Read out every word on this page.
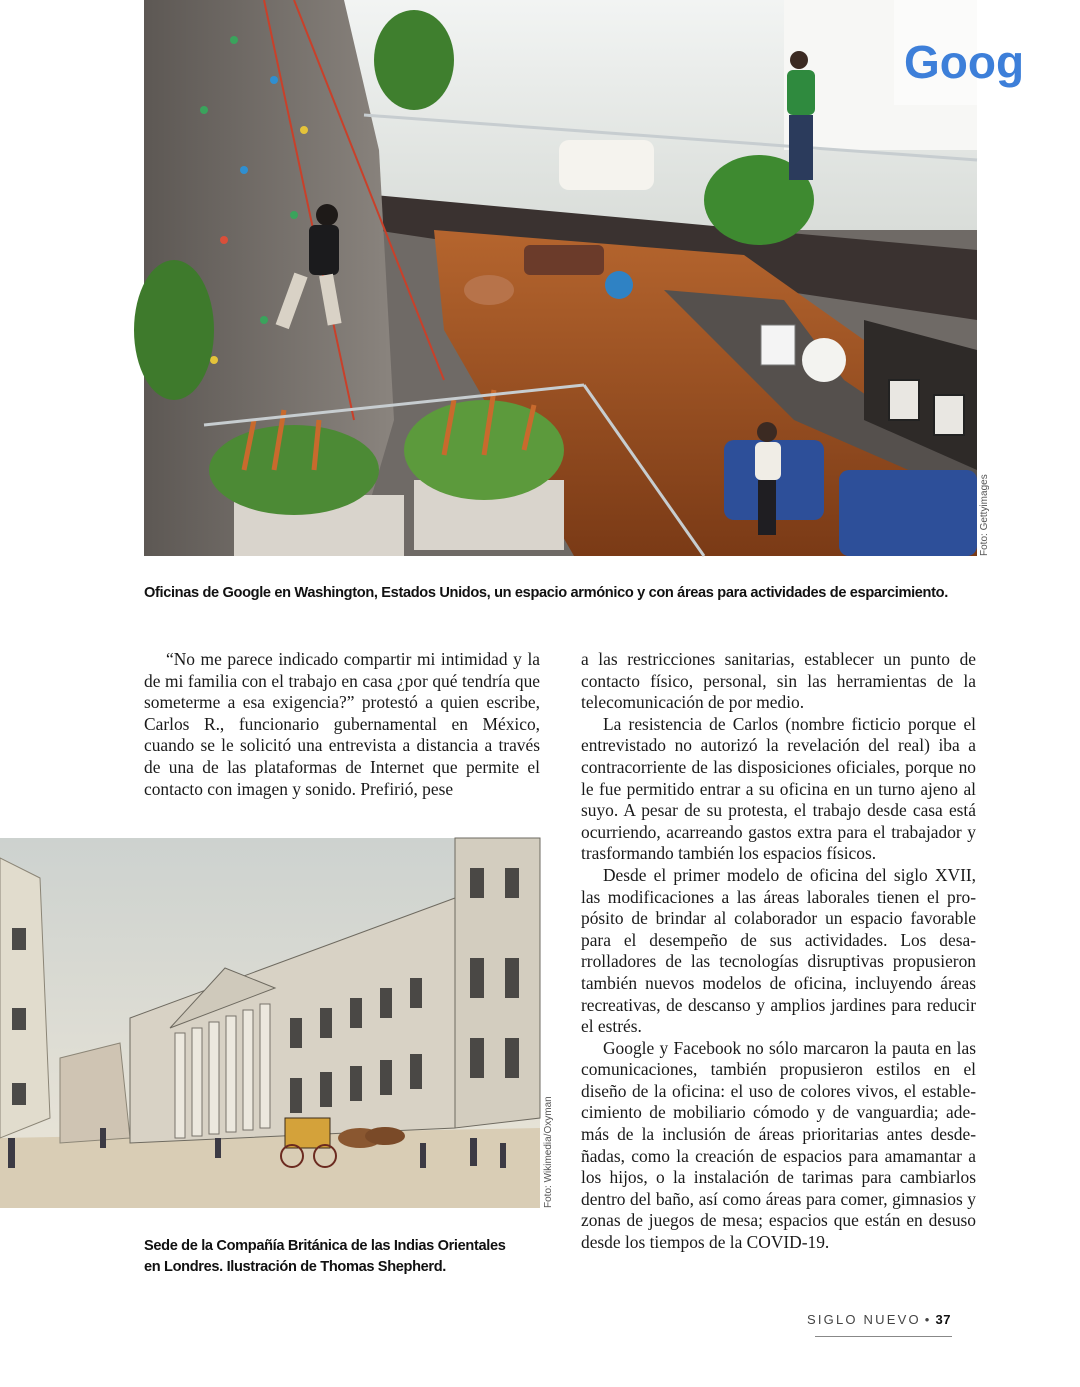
Goog
Foto: Gettyimages

Oficinas de Google en Washington, Estados Unidos, un espacio armónico y con áreas para actividades de esparcimiento.

“No me parece indicado compartir mi intimidad y la de mi familia con el trabajo en casa ¿por qué tendría que someterme a esa exigencia?” protestó a quien escribe, Carlos R., funcionario gubernamental en México, cuando se le solicitó una entrevista a distancia a través de una de las plataformas de Internet que permite el contacto con imagen y sonido. Prefirió, pese

Foto: Wikimedia/Oxyman
Sede de la Compañía Británica de las Indias Orientales
en Londres. Ilustración de Thomas Shepherd.

a las restricciones sanitarias, establecer un punto de contacto físico, personal, sin las herramientas de la telecomunicación de por medio.

La resistencia de Carlos (nombre ficticio porque el entrevistado no autorizó la revelación del real) iba a contracorriente de las disposiciones oficiales, porque no le fue permitido entrar a su oficina en un turno ajeno al suyo. A pesar de su protesta, el trabajo desde casa está ocurriendo, acarreando gastos extra para el trabajador y trasformando también los espacios físicos.

Desde el primer modelo de oficina del siglo XVII, las modificaciones a las áreas laborales tienen el propósito de brindar al colaborador un espacio favorable para el desempeño de sus actividades. Los desarrolladores de las tecnologías disruptivas propusieron también nuevos modelos de oficina, incluyendo áreas recreativas, de descanso y amplios jardines para reducir el estrés.

Google y Facebook no sólo marcaron la pauta en las comunicaciones, también propusieron estilos en el diseño de la oficina: el uso de colores vivos, el establecimiento de mobiliario cómodo y de vanguardia; además de la inclusión de áreas prioritarias antes desdeñadas, como la creación de espacios para amamantar a los hijos, o la instalación de tarimas para cambiarlos dentro del baño, así como áreas para comer, gimnasios y zonas de juegos de mesa; espacios que están en desuso desde los tiempos de la COVID-19.

SIGLO NUEVO • 37
